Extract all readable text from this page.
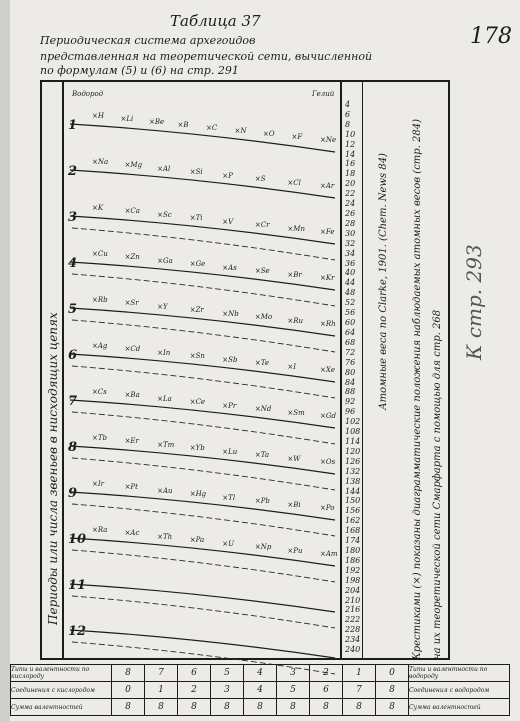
Таблица 37
Периодическая система архегоидов
представленная на теоретической сети, вычисленной
по формулам (5) и (6) на стр. 291
178
К стр. 293
Периоды или числа звеньев в нисходящих цепях
Атомные веса по Clarke, 1901. (Chem. News 84) Крестиками (×) показаны диаграмматические положения наблюдаемых атомных весов (стр. 284) на их теоретической сети Смарфарта с помощью для стр. 268
Водород	Гелий
1
2
3
4
5
6
7
8
9
10
11
12
4
6
8
10
12
14
16
18
20
22
24
26
28
30
32
34
36
40
44
48
52
56
60
64
68
72
76
80
84
88
92
96
102
108
114
120
126
132
138
144
150
156
162
168
174
180
186
192
198
204
210
216
222
228
234
240
×H ×Li ×Be ×B ×C ×N ×O ×F	×Ne
×Na ×Mg ×Al	×Si	×P	×S	×Cl	×Ar
×K	×Ca ×Sc	×Ti	×V	×Cr	×Mn ×Fe
×Cu ×Zn ×Ga ×Ge ×As	×Se	×Br	×Kr
×Rb ×Sr	×Y	×Zr	×Nb ×Mo ×Ru ×Rh
×Ag ×Cd ×In	×Sn ×Sb ×Te	×I	×Xe
×Cs	×Ba ×La	×Ce ×Pr	×Nd ×Sm ×Gd
×Tb	×Er	×Tm ×Yb	×Lu	×Ta	×W	×Os
×Ir	×Pt	×Au ×Hg ×Tl	×Pb	×Bi	×Po
×Ra ×Ac	×Th	×Pa	×U	×Np ×Pu ×Am
Типы и валентности по кислороду	8	7	6	5	4	3	2	1	0	Типы и валентности по водороду
Соединения с кислородом	0	1	2	3	4	5	6	7	8	Соединения с водородом
Сумма валентностей	8	8	8	8	8	8	8	8	8	Сумма валентностей
